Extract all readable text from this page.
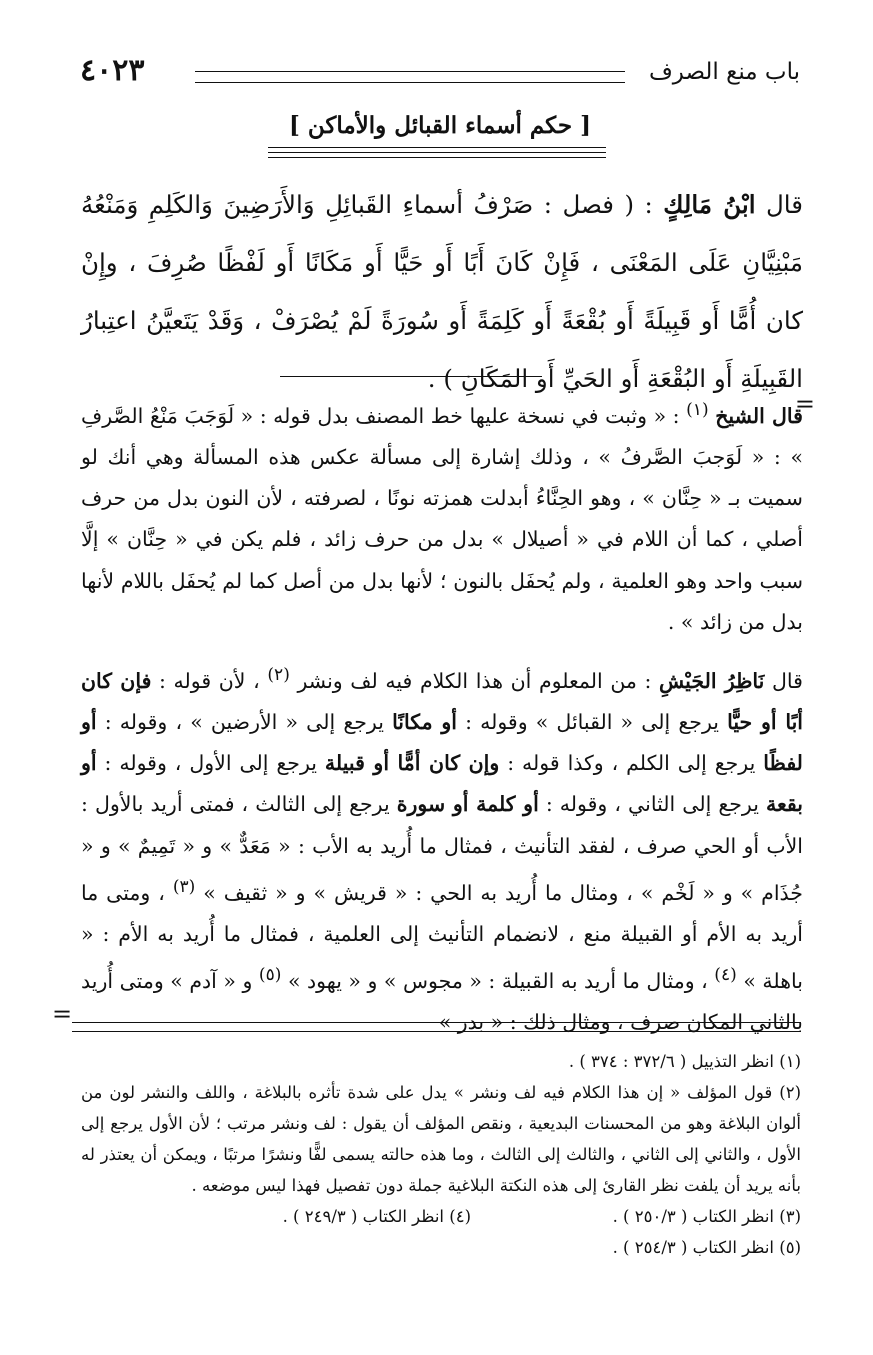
باب منع الصرف
٤٠٢٣
[ حكم أسماء القبائل والأماكن ]
قال ابْنُ مَالِكٍ : ( فصل : صَرْفُ أسماءِ القَبائِلِ وَالأَرَضِينَ وَالكَلِمِ وَمَنْعُهُ مَبْنِيَّانِ عَلَى المَعْنَى ، فَإِنْ كَانَ أَبًا أَو حَيًّا أَو مَكَانًا أَو لَفْظًا صُرِفَ ، وإِنْ كان أُمًّا أَو قَبِيلَةً أَو بُقْعَةً أَو كَلِمَةً أَو سُورَةً لَمْ يُصْرَفْ ، وَقَدْ يَتَعيَّنُ اعتِبارُ القَبِيلَةِ أَو البُقْعَةِ أَو الحَيِّ أَو المَكَانِ ) .
=
قال الشيخ $^{(١)}$ : « وثبت في نسخة عليها خط المصنف بدل قوله : « لَوَجَبَ مَنْعُ الصَّرفِ » : « لَوَجبَ الصَّرفُ » ، وذلك إشارة إلى مسألة عكس هذه المسألة وهي أنك لو سميت بـ « حِنَّان » ، وهو الحِنَّاءُ أبدلت همزته نونًا ، لصرفته ، لأن النون بدل من حرف أصلي ، كما أن اللام في « أصيلال » بدل من حرف زائد ، فلم يكن في « حِنَّان » إلَّا سبب واحد وهو العلمية ، ولم يُحفَل بالنون ؛ لأنها بدل من أصل كما لم يُحفَل باللام لأنها بدل من زائد » .
قال نَاظِرُ الجَيْشِ : من المعلوم أن هذا الكلام فيه لف ونشر $^{(٢)}$ ، لأن قوله : فإن كان أبًا أو حيًّا يرجع إلى « القبائل » وقوله : أو مكانًا يرجع إلى « الأرضين » ، وقوله : أو لفظًا يرجع إلى الكلم ، وكذا قوله : وإن كان أمًّا أو قبيلة يرجع إلى الأول ، وقوله : أو بقعة يرجع إلى الثاني ، وقوله : أو كلمة أو سورة يرجع إلى الثالث ، فمتى أريد بالأول : الأب أو الحي صرف ، لفقد التأنيث ، فمثال ما أُريد به الأب : « مَعَدٌّ » و « تَمِيمٌ » و « جُذَام » و « لَخْم » ، ومثال ما أُريد به الحي : « قريش » و « ثقيف » $^{(٣)}$ ، ومتى ما أريد به الأم أو القبيلة منع ، لانضمام التأنيث إلى العلمية ، فمثال ما أُريد به الأم : « باهلة » $^{(٤)}$ ، ومثال ما أريد به القبيلة : « مجوس » و « يهود » $^{(٥)}$ و « آدم » ومتى أُريد بالثاني المكان صرف ، ومثال ذلك : « بدر »
=
(١) انظر التذييل ( ٣٧٢/٦ : ٣٧٤ ) .
(٢) قول المؤلف « إن هذا الكلام فيه لف ونشر » يدل على شدة تأثره بالبلاغة ، واللف والنشر لون من ألوان البلاغة وهو من المحسنات البديعية ، ونقص المؤلف أن يقول : لف ونشر مرتب ؛ لأن الأول يرجع إلى الأول ، والثاني إلى الثاني ، والثالث إلى الثالث ، وما هذه حالته يسمى لفًّا ونشرًا مرتبًا ، ويمكن أن يعتذر له بأنه يريد أن يلفت نظر القارئ إلى هذه النكتة البلاغية جملة دون تفصيل فهذا ليس موضعه .
(٣) انظر الكتاب ( ٢٥٠/٣ ) .
(٤) انظر الكتاب ( ٢٤٩/٣ ) .
(٥) انظر الكتاب ( ٢٥٤/٣ ) .
